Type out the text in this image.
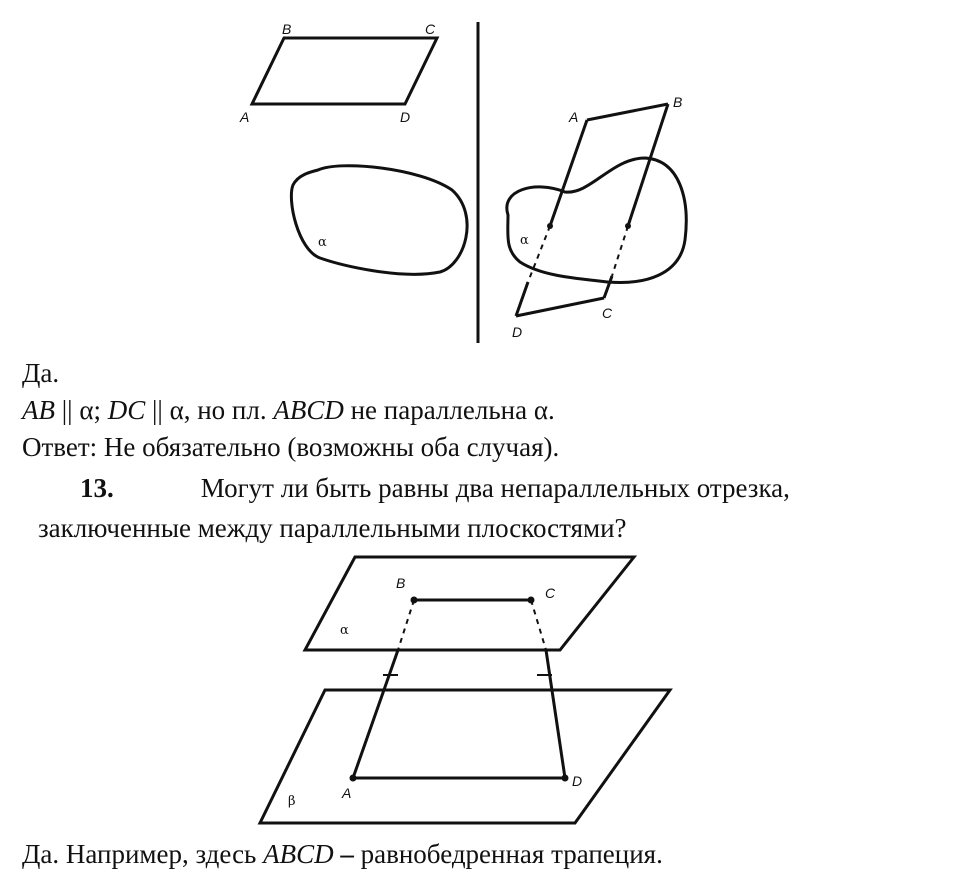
B	C
A	D
α
A
B
C
D
α
B
C
A
D
α
β
Да.
AB || α; DC || α, но пл. ABCD не параллельна α.
Ответ: Не обязательно (возможны оба случая).
13.	Могут ли быть равны два непараллельных отрезка,
заключенные между параллельными плоскостями?
Да. Например, здесь ABCD – равнобедренная трапеция.
